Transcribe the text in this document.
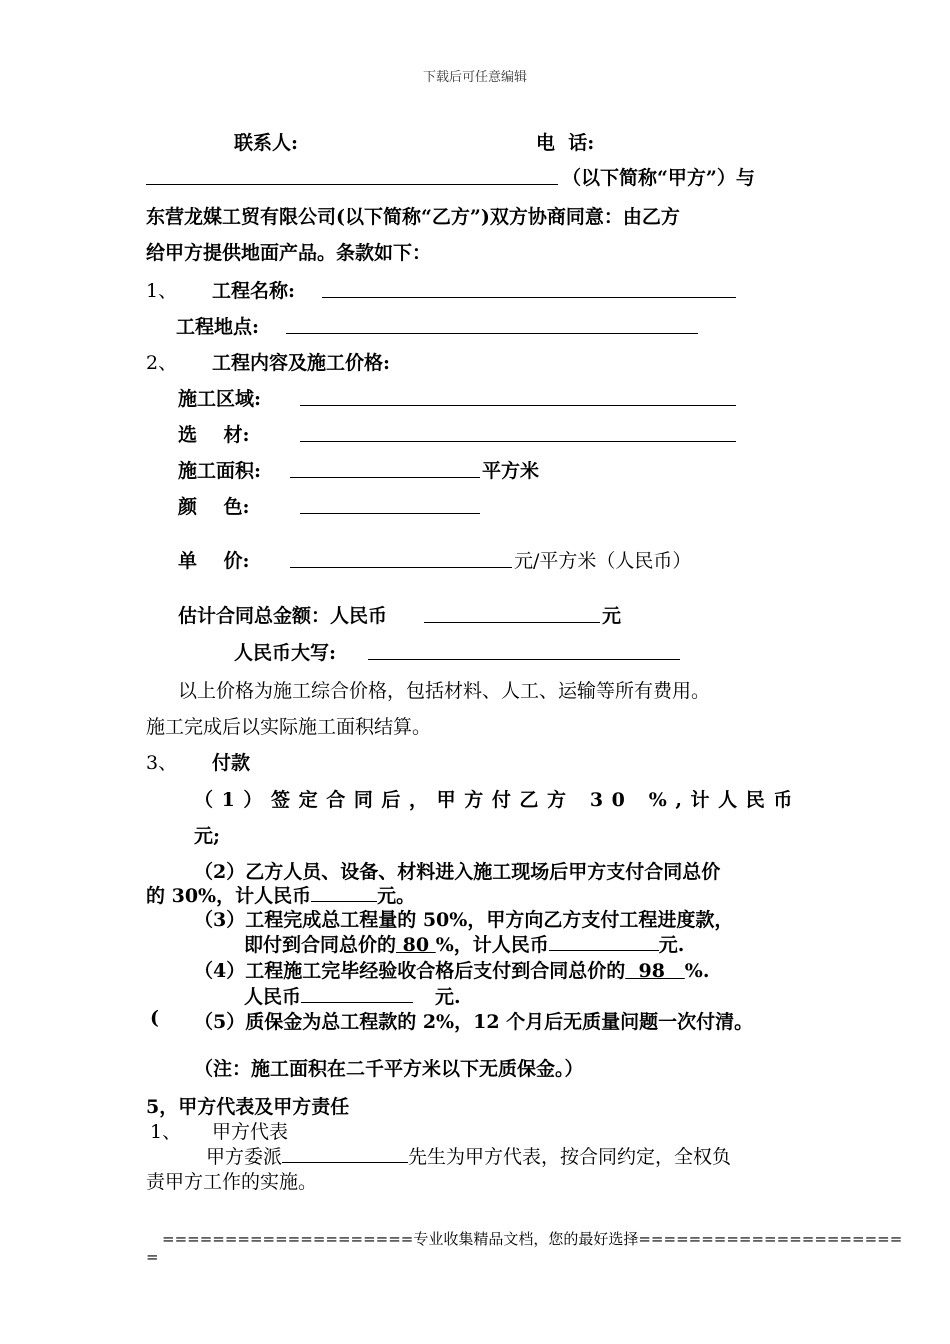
下载后可任意编辑
联系人:	电  话:
（以下简称“甲方”）与
东营龙媒工贸有限公司(以下简称“乙方”)双方协商同意：由乙方
给甲方提供地面产品。条款如下：
1、 工程名称:
工程地点:
2、 工程内容及施工价格:
施工区域:
选    材:
施工面积:	平方米
颜    色:
单    价:	元/平方米（人民币）
估计合同总金额：人民币	元
人民币大写:
以上价格为施工综合价格，包括材料、人工、运输等所有费用。
施工完成后以实际施工面积结算。
3、 付款
（1）签定合同后，甲方付乙方 30 %,计人民币
元;
（2）乙方人员、设备、材料进入施工现场后甲方支付合同总价
的 30%，计人民币	元。
（3）工程完成总工程量的 50%，甲方向乙方支付工程进度款，
即付到合同总价的 80 %，计人民币	元.
（4）工程施工完毕经验收合格后支付到合同总价的 98 %.
人民币	元.
( （5）质保金为总工程款的 2%，12 个月后无质量问题一次付清。
（注：施工面积在二千平方米以下无质保金。）
5，甲方代表及甲方责任
1、 甲方代表
甲方委派	先生为甲方代表，按合同约定，全权负
责甲方工作的实施。
====================专业收集精品文档，您的最好选择=====================
=
